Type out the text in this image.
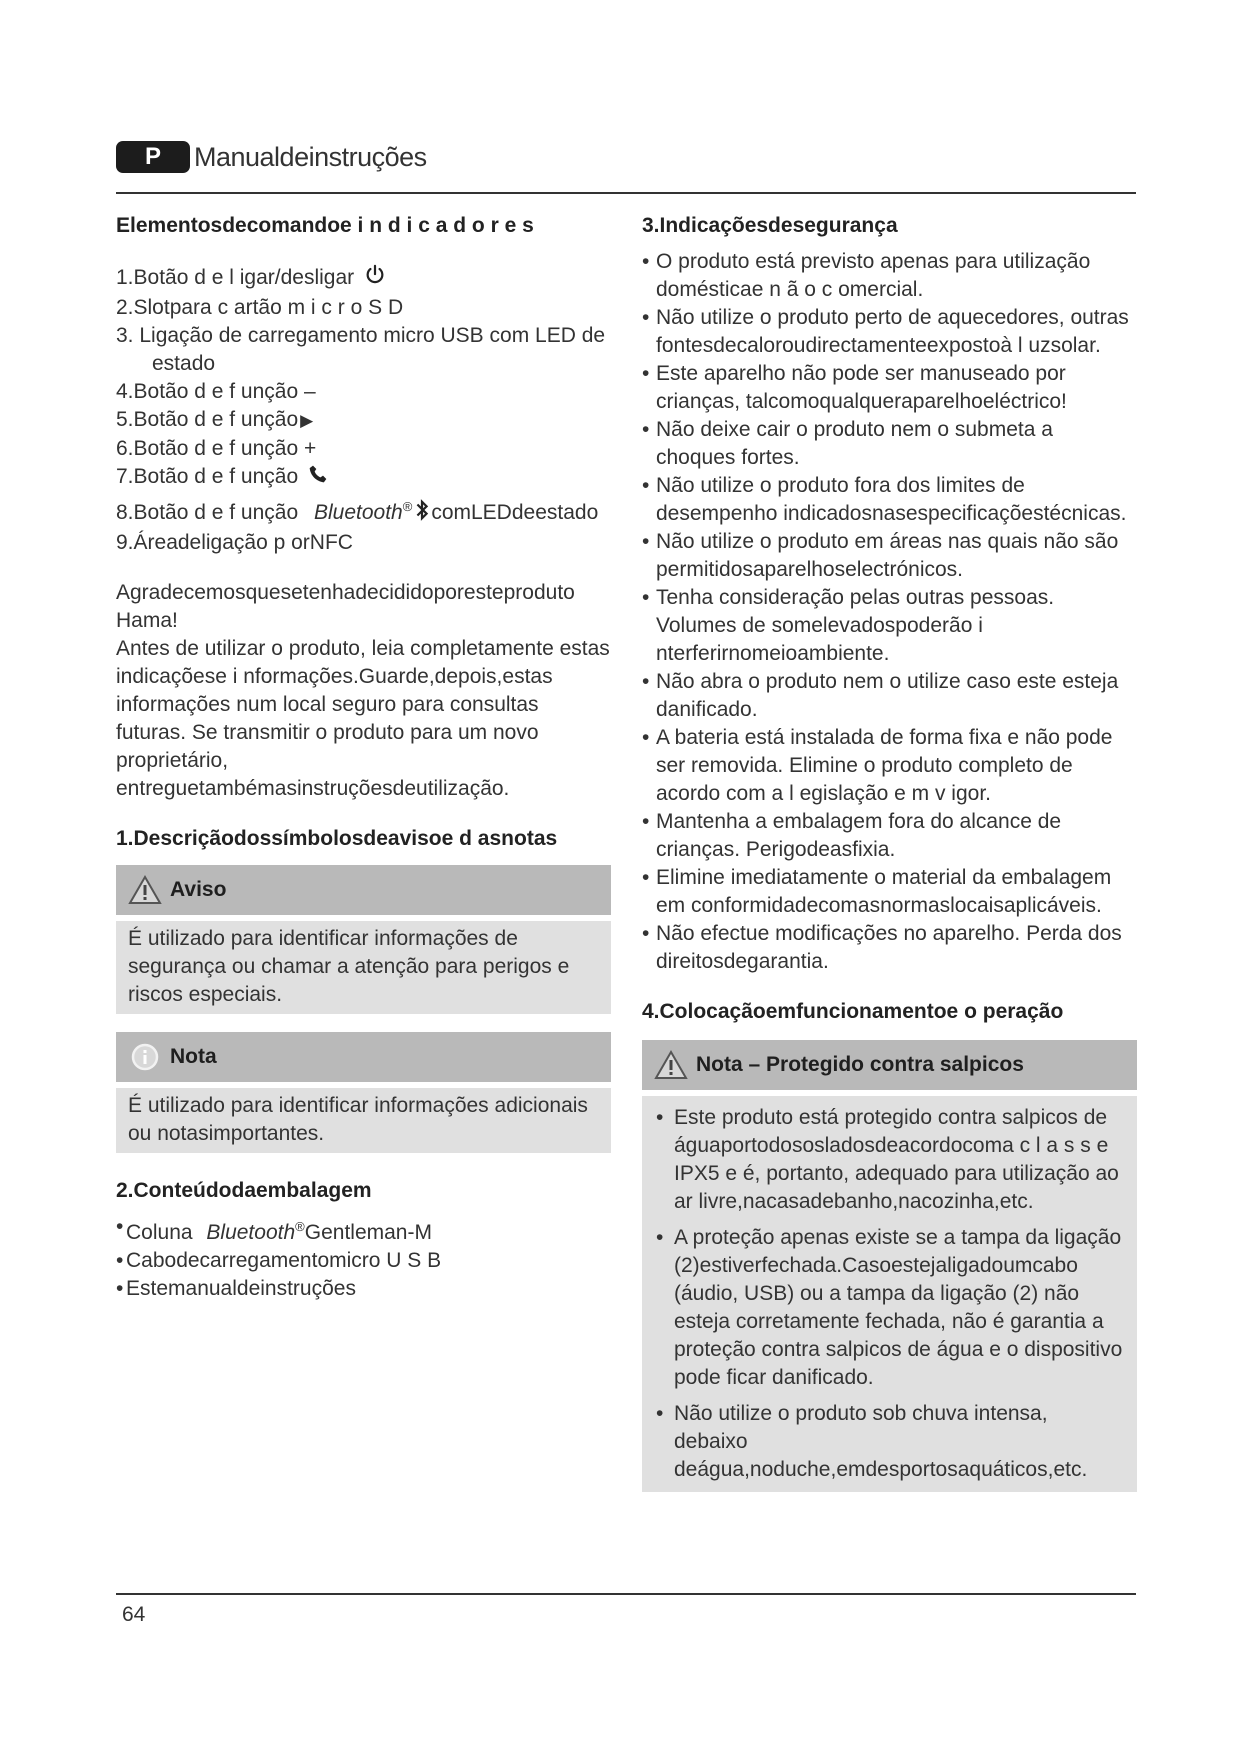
P	Manualdeinstruções
Elementosdecomandoe i n d i c a d o r e s
1.Botão d e l igar/desligar
2.Slotpara c artão m i c r o S D
3. Ligação de carregamento micro USB com LED de estado
4.Botão d e f unção –
5.Botão d e f unção ▶
6.Botão d e f unção +
7.Botão d e f unção
8.Botão d e f unção Bluetooth® comLEDdeestado
9.Áreadeligação p orNFC

Agradecemosquesetenhadecididoporesteproduto Hama!

Antes de utilizar o produto, leia completamente estas indicaçõese i nformações.Guarde,depois,estas informações num local seguro para consultas futuras. Se transmitir o produto para um novo proprietário, entreguetambémasinstruçõesdeutilização.

1.Descriçãodossímbolosdeavisoe d asnotas
Aviso
É utilizado para identificar informações de segurança ou chamar a atenção para perigos e riscos especiais.
Nota
É utilizado para identificar informações adicionais ou notasimportantes.
2.Conteúdodaembalagem
• Coluna Bluetooth®Gentleman-M
• Cabodecarregamentomicro U S B
• Estemanualdeinstruções
3.Indicaçõesdesegurança
• O produto está previsto apenas para utilização domésticae n ã o c omercial.
• Não utilize o produto perto de aquecedores, outras fontesdecaloroudirectamenteexpostoà l uzsolar.
• Este aparelho não pode ser manuseado por crianças, talcomoqualqueraparelhoeléctrico!
• Não deixe cair o produto nem o submeta a choques fortes.
• Não utilize o produto fora dos limites de desempenho indicadosnasespecificaçõestécnicas.
• Não utilize o produto em áreas nas quais não são permitidosaparelhoselectrónicos.
• Tenha consideração pelas outras pessoas. Volumes de somelevadospoderão i nterferirnomeioambiente.
• Não abra o produto nem o utilize caso este esteja danificado.
• A bateria está instalada de forma fixa e não pode ser removida. Elimine o produto completo de acordo com a l egislação e m v igor.
• Mantenha a embalagem fora do alcance de crianças. Perigodeasfixia.
• Elimine imediatamente o material da embalagem em conformidadecomasnormaslocaisaplicáveis.
• Não efectue modificações no aparelho. Perda dos direitosdegarantia.
4.Colocaçãoemfuncionamentoe o peração
Nota – Protegido contra salpicos
• Este produto está protegido contra salpicos de águaportodososladosdeacordocoma c l a s s e IPX5 e é, portanto, adequado para utilização ao ar livre,nacasadebanho,nacozinha,etc.
• A proteção apenas existe se a tampa da ligação (2)estiverfechada.Casoestejaligadoumcabo (áudio, USB) ou a tampa da ligação (2) não esteja corretamente fechada, não é garantia a proteção contra salpicos de água e o dispositivo pode ficar danificado.
• Não utilize o produto sob chuva intensa, debaixo deágua,noduche,emdesportosaquáticos,etc.
64
